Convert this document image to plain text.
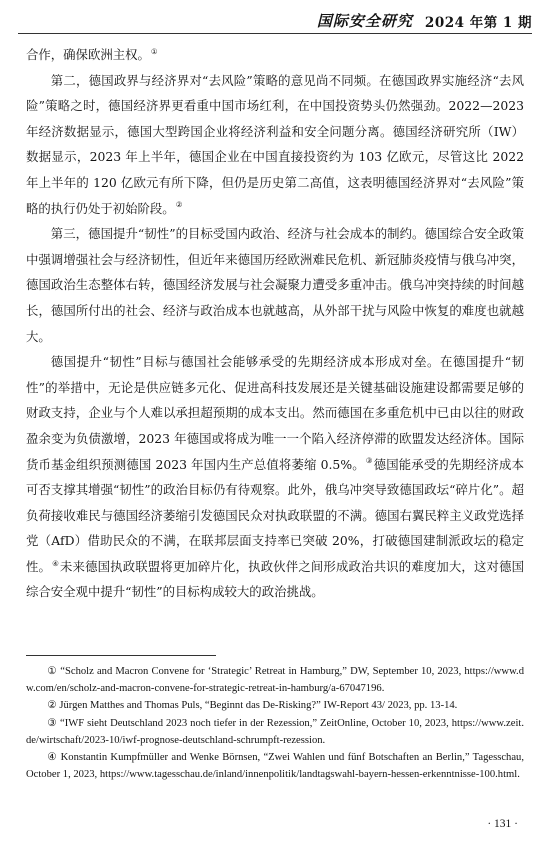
国际安全研究 2024 年第 1 期

合作，确保欧洲主权。①

第二，德国政界与经济界对“去风险”策略的意见尚不同频。在德国政界实施经济“去风险”策略之时，德国经济界更看重中国市场红利，在中国投资势头仍然强劲。2022—2023 年经济数据显示，德国大型跨国企业将经济利益和安全问题分离。德国经济研究所（IW）数据显示，2023 年上半年，德国企业在中国直接投资约为 103 亿欧元，尽管这比 2022 年上半年的 120 亿欧元有所下降，但仍是历史第二高值，这表明德国经济界对“去风险”策略的执行仍处于初始阶段。②

第三，德国提升“韧性”的目标受国内政治、经济与社会成本的制约。德国综合安全政策中强调增强社会与经济韧性，但近年来德国历经欧洲难民危机、新冠肺炎疫情与俄乌冲突，德国政治生态整体右转，德国经济发展与社会凝聚力遭受多重冲击。俄乌冲突持续的时间越长，德国所付出的社会、经济与政治成本也就越高，从外部干扰与风险中恢复的难度也就越大。

德国提升“韧性”目标与德国社会能够承受的先期经济成本形成对垒。在德国提升“韧性”的举措中，无论是供应链多元化、促进高科技发展还是关键基础设施建设都需要足够的财政支持，企业与个人难以承担超预期的成本支出。然而德国在多重危机中已由以往的财政盈余变为负债激增，2023 年德国或将成为唯一一个陷入经济停滞的欧盟发达经济体。国际货币基金组织预测德国 2023 年国内生产总值将萎缩 0.5%。③德国能承受的先期经济成本可否支撑其增强“韧性”的政治目标仍有待观察。此外，俄乌冲突导致德国政坛“碎片化”。超负荷接收难民与德国经济萎缩引发德国民众对执政联盟的不满。德国右翼民粹主义政党选择党（AfD）借助民众的不满，在联邦层面支持率已突破 20%，打破德国建制派政坛的稳定性。④未来德国执政联盟将更加碎片化，执政伙伴之间形成政治共识的难度加大，这对德国综合安全观中提升“韧性”的目标构成较大的政治挑战。

① “Scholz and Macron Convene for ‘Strategic’ Retreat in Hamburg,” DW, September 10, 2023, https://www.dw.com/en/scholz-and-macron-convene-for-strategic-retreat-in-hamburg/a-67047196.

② Jürgen Matthes and Thomas Puls, “Beginnt das De-Risking?” IW-Report 43/ 2023, pp. 13-14.

③ “IWF sieht Deutschland 2023 noch tiefer in der Rezession,” ZeitOnline, October 10, 2023, https://www.zeit.de/wirtschaft/2023-10/iwf-prognose-deutschland-schrumpft-rezession.

④ Konstantin Kumpfmüller and Wenke Börnsen, “Zwei Wahlen und fünf Botschaften an Berlin,” Tagesschau, October 1, 2023, https://www.tagesschau.de/inland/innenpolitik/landtagswahl-bayern-hessen-erkenntnisse-100.html.

· 131 ·
